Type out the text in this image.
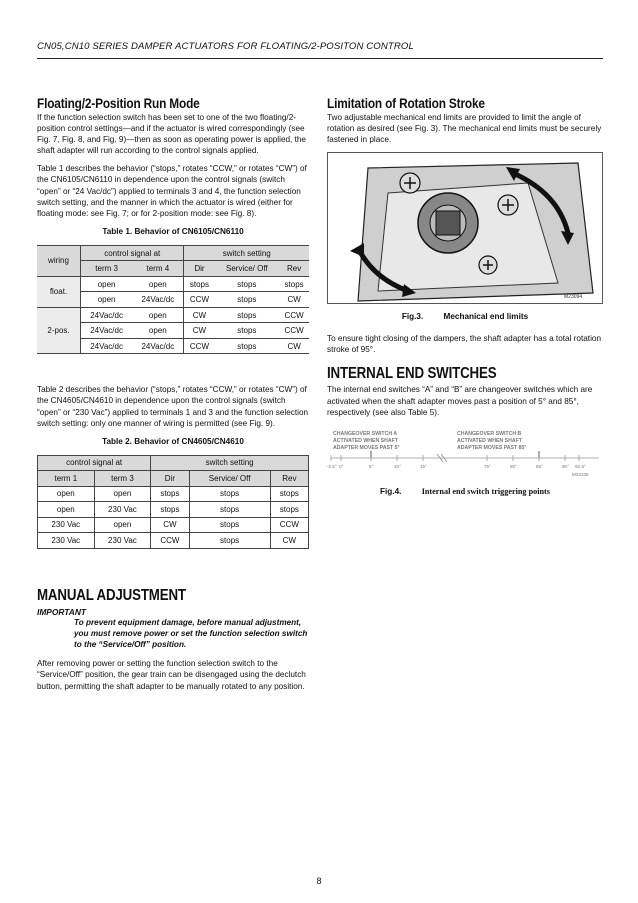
CN05,CN10 SERIES DAMPER ACTUATORS FOR FLOATING/2-POSITON CONTROL
Floating/2-Position Run Mode

If the function selection switch has been set to one of the two floating/2-position control settings—and if the actuator is wired correspondingly (see Fig. 7, Fig. 8, and Fig. 9)—then as soon as operating power is applied, the shaft adapter will run according to the control signals applied.

Table 1 describes the behavior (“stops,” rotates “CCW,” or rotates “CW”) of the CN6105/CN6110 in dependence upon the control signals (switch “open” or “24 Vac/dc”) applied to terminals 3 and 4, the function selection switch setting, and the manner in which the actuator is wired (either for floating mode: see Fig. 7; or for 2-position mode: see Fig. 8).

Table 1. Behavior of CN6105/CN6110
wiring	control signal at		switch setting		
	term 3	term 4	Dir	Service/ Off	Rev
float.	open	open	stops	stops	stops
	open	24Vac/dc	CCW	stops	CW
2-pos.	24Vac/dc	open	CW	stops	CCW
	24Vac/dc	open	CW	stops	CCW
	24Vac/dc	24Vac/dc	CCW	stops	CW

Table 2 describes the behavior (“stops,” rotates “CCW,” or rotates “CW”) of the CN4605/CN4610 in dependence upon the control signals (switch “open” or “230 Vac”) applied to terminals 1 and 3 and the function selection switch setting: only one manner of wiring is permitted (see Fig. 9).

Table 2. Behavior of CN4605/CN4610
control signal at		switch setting		
term 1	term 3	Dir	Service/ Off	Rev
open	open	stops	stops	stops
open	230 Vac	stops	stops	stops
230 Vac	open	CW	stops	CCW
230 Vac	230 Vac	CCW	stops	CW
MANUAL ADJUSTMENT
IMPORTANT
To prevent equipment damage, before manual adjustment, you must remove power or set the function selection switch to the “Service/Off” position.

After removing power or setting the function selection switch to the “Service/Off” position, the gear train can be disengaged using the declutch button, permitting the shaft adapter to be manually rotated to any position.

Limitation of Rotation Stroke

Two adjustable mechanical end limits are provided to limit the angle of rotation as desired (see Fig. 3). The mechanical end limits must be securely fastened in place.

M23094
Fig.3. Mechanical end limits

To ensure tight closing of the dampers, the shaft adapter has a total rotation stroke of 95°.

INTERNAL END SWITCHES

The internal end switches “A” and “B” are changeover switches which are activated when the shaft adapter moves past a position of 5° and 85°, respectively (see also Table 5).

CHANGEOVER SWITCH A
ACTIVATED WHEN SHAFT
ADAPTER MOVES PAST 5°
CHANGEOVER SWITCH B
ACTIVATED WHEN SHAFT
ADAPTER MOVES PAST 85°
-2.5° 0°	5°	10°	15°	75°	80°	85°	90° 92.5°
M23106
Fig.4. Internal end switch triggering points
8
